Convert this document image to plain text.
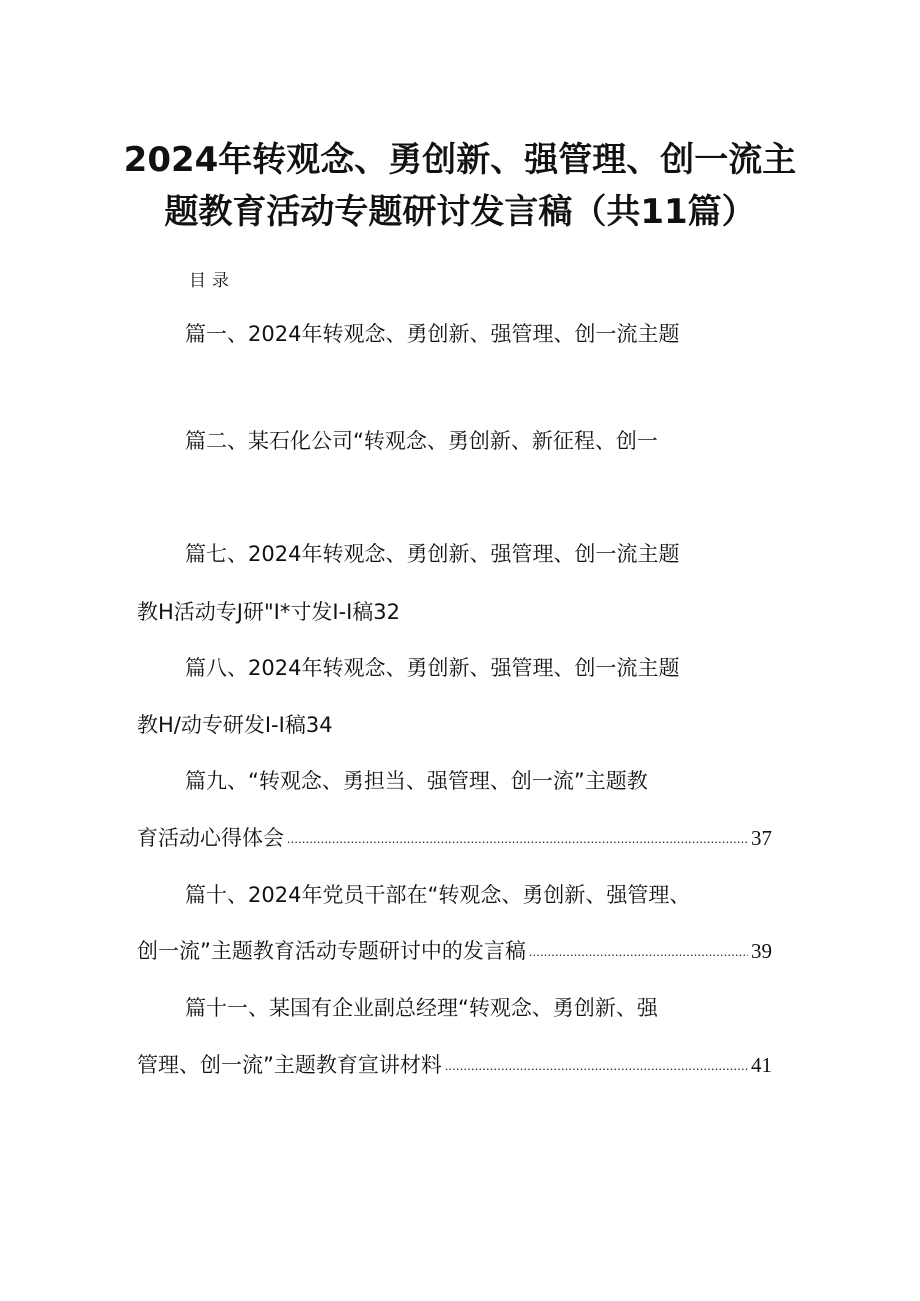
2024年转观念、勇创新、强管理、创一流主
题教育活动专题研讨发言稿（共11篇）
目录
篇一、2024年转观念、勇创新、强管理、创一流主题
篇二、某石化公司“转观念、勇创新、新征程、创一
篇七、2024年转观念、勇创新、强管理、创一流主题
教H活动专J研"I*寸发I-I稿32
篇八、2024年转观念、勇创新、强管理、创一流主题
教H/动专研发I-I稿34
篇九、“转观念、勇担当、强管理、创一流”主题教
育活动心得体会 .....	37
篇十、2024年党员干部在“转观念、勇创新、强管理、
创一流”主题教育活动专题研讨中的发言稿 .....	39
篇十一、某国有企业副总经理“转观念、勇创新、强
管理、创一流”主题教育宣讲材料 .....	41
